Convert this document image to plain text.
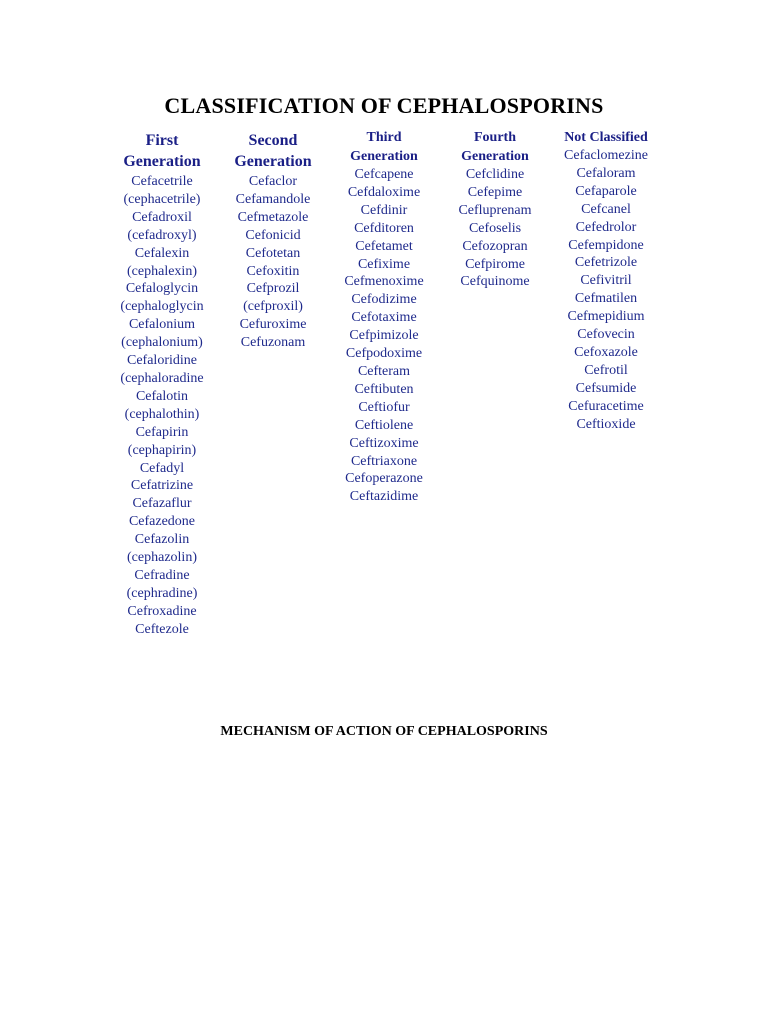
CLASSIFICATION OF CEPHALOSPORINS
First
Generation
Cefacetrile
(cephacetrile)
Cefadroxil
(cefadroxyl)
Cefalexin
(cephalexin)
Cefaloglycin
(cephaloglycin
Cefalonium
(cephalonium)
Cefaloridine
(cephaloradine
Cefalotin
(cephalothin)
Cefapirin
(cephapirin)
Cefadyl
Cefatrizine
Cefazaflur
Cefazedone
Cefazolin
(cephazolin)
Cefradine
(cephradine)
Cefroxadine
Ceftezole
Second
Generation
Cefaclor
Cefamandole
Cefmetazole
Cefonicid
Cefotetan
Cefoxitin
Cefprozil
(cefproxil)
Cefuroxime
Cefuzonam
Third
Generation
Cefcapene
Cefdaloxime
Cefdinir
Cefditoren
Cefetamet
Cefixime
Cefmenoxime
Cefodizime
Cefotaxime
Cefpimizole
Cefpodoxime
Cefteram
Ceftibuten
Ceftiofur
Ceftiolene
Ceftizoxime
Ceftriaxone
Cefoperazone
Ceftazidime
Fourth
Generation
Cefclidine
Cefepime
Cefluprenam
Cefoselis
Cefozopran
Cefpirome
Cefquinome
Not Classified
Cefaclomezine
Cefaloram
Cefaparole
Cefcanel
Cefedrolor
Cefempidone
Cefetrizole
Cefivitril
Cefmatilen
Cefmepidium
Cefovecin
Cefoxazole
Cefrotil
Cefsumide
Cefuracetime
Ceftioxide
MECHANISM OF ACTION OF CEPHALOSPORINS
